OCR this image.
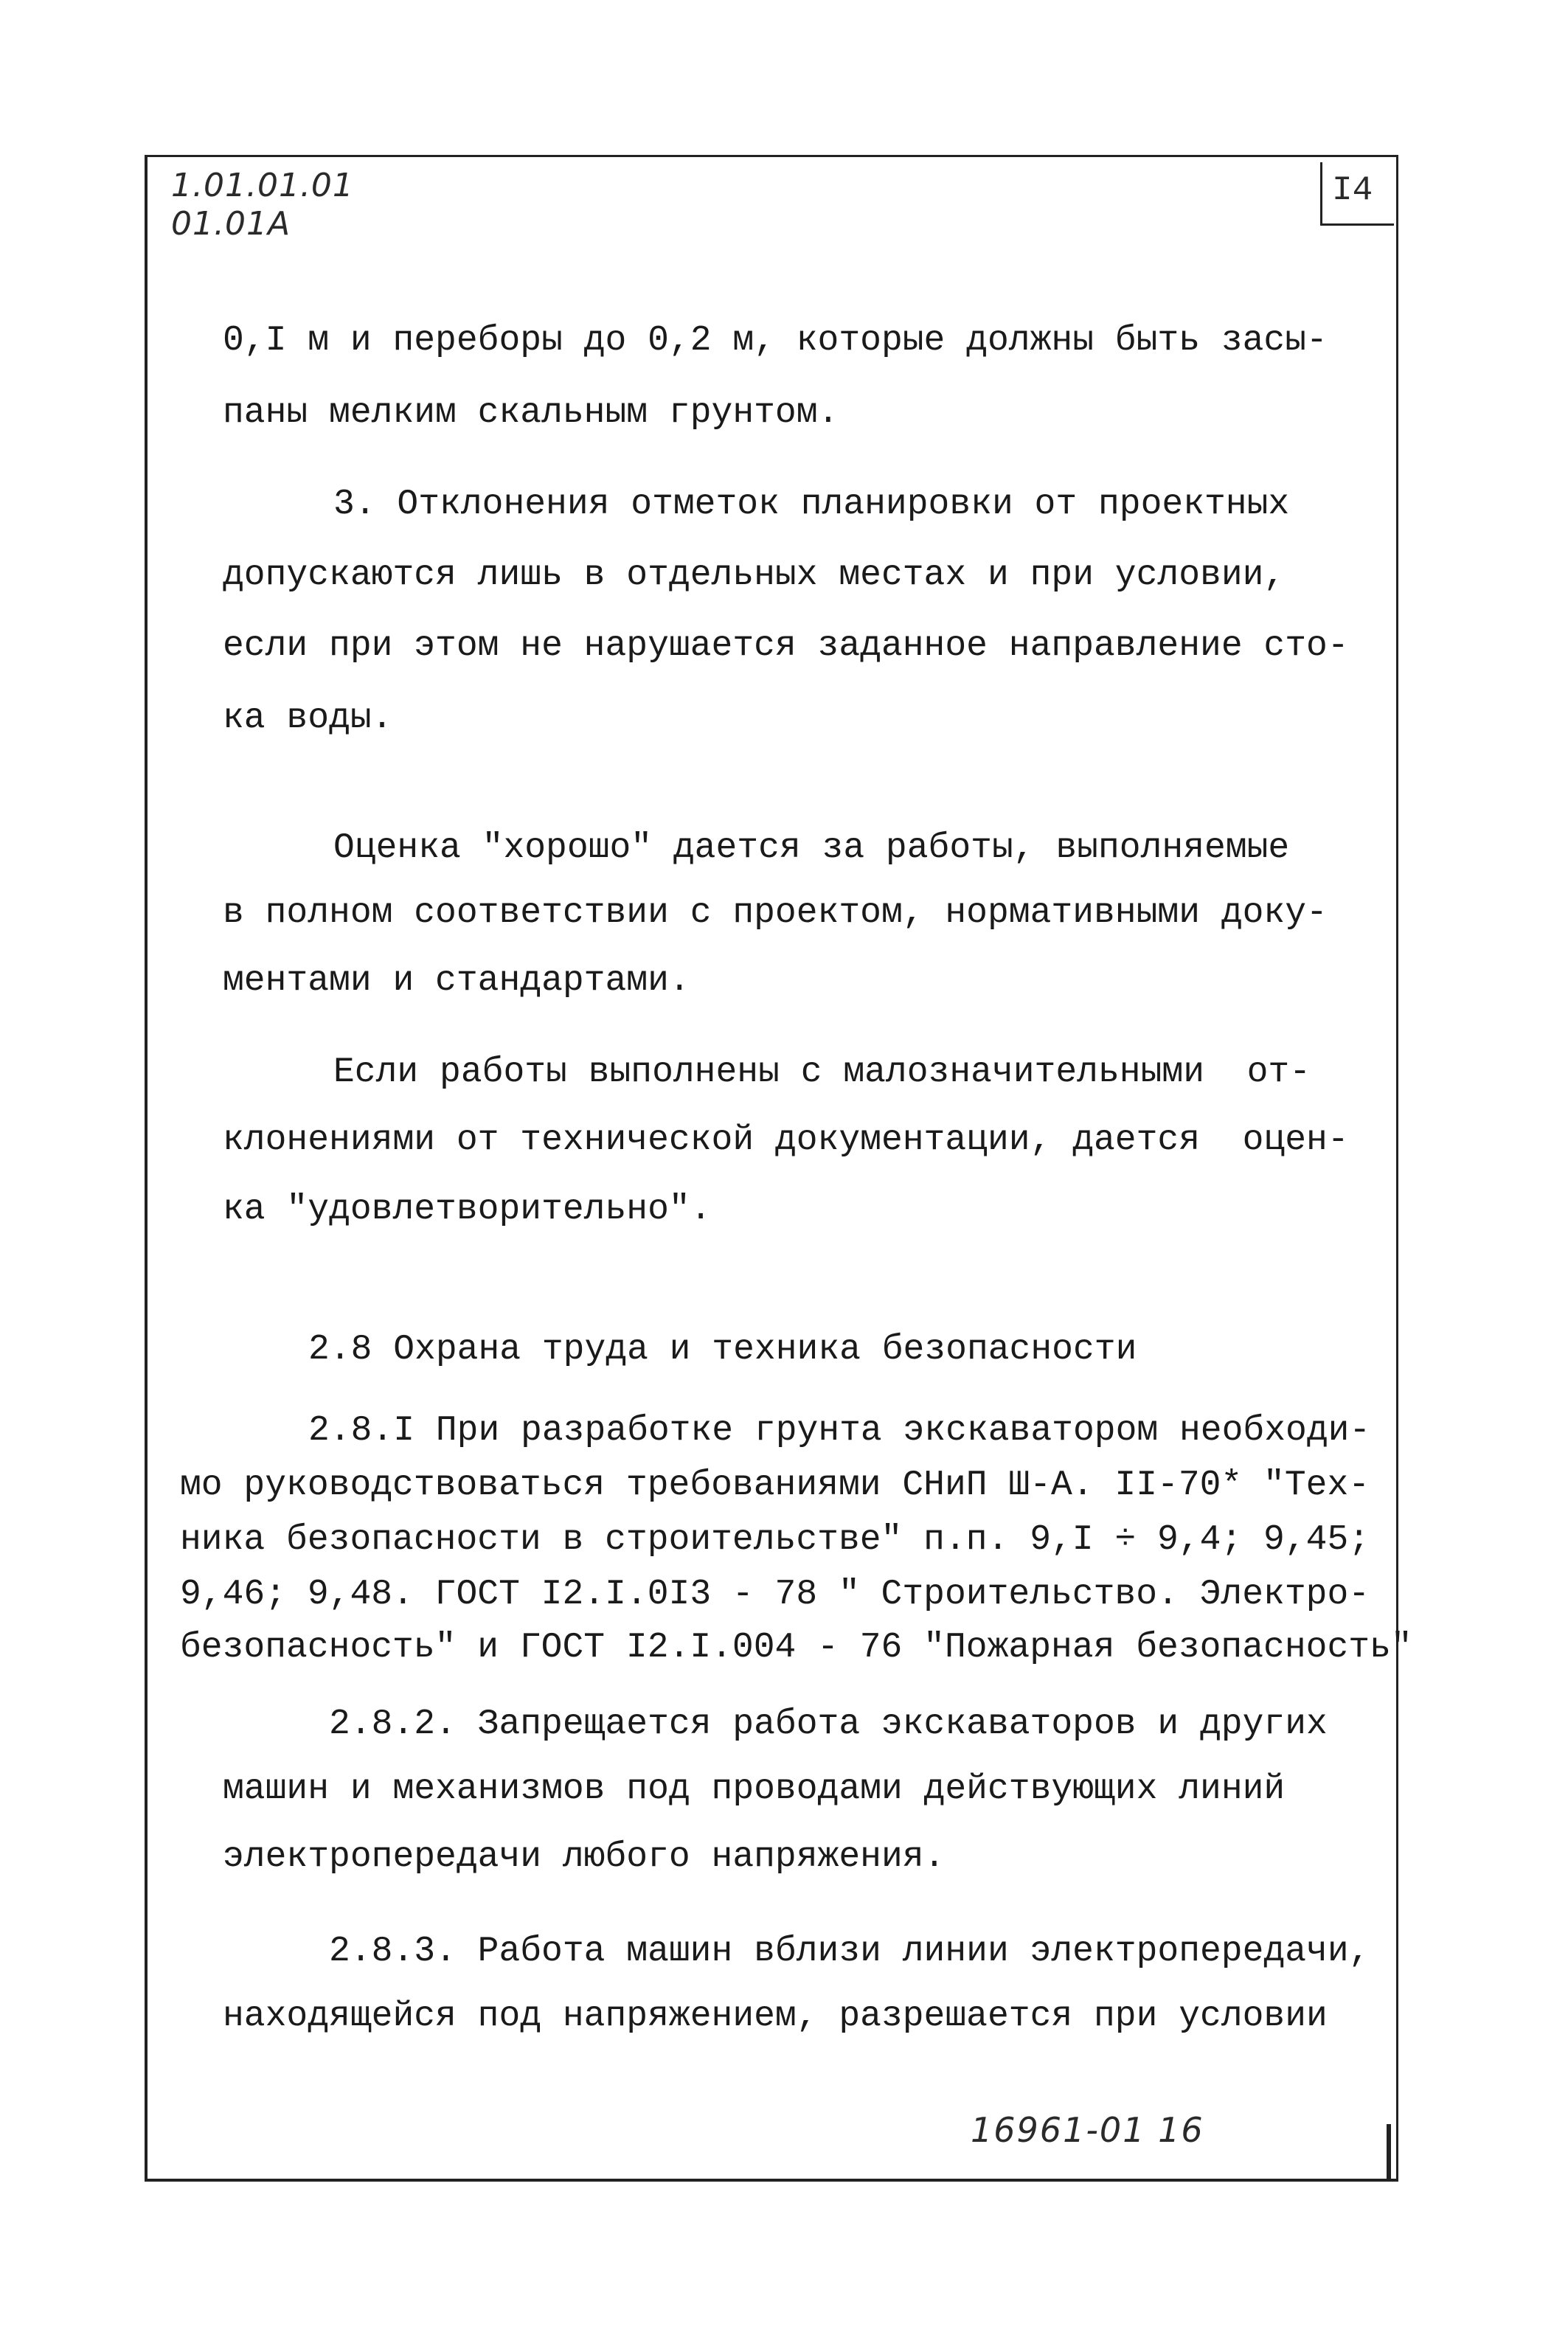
1.01.01.01
01.01A
I4
0,I м и переборы до 0,2 м, которые должны быть засы-
паны мелким скальным грунтом.
3. Отклонения отметок планировки от проектных
допускаются лишь в отдельных местах и при условии,
если при этом не нарушается заданное направление сто-
ка воды.
Оценка "хорошо" дается за работы, выполняемые
в полном соответствии с проектом, нормативными доку-
ментами и стандартами.
Если работы выполнены с малозначительными  от-
клонениями от технической документации, дается  оцен-
ка "удовлетворительно".
2.8 Охрана труда и техника безопасности
2.8.I При разработке грунта экскаватором необходи-
мо руководствоваться требованиями СНиП Ш-А. II-70* "Тех-
ника безопасности в строительстве" п.п. 9,I ÷ 9,4; 9,45;
9,46; 9,48. ГОСТ I2.I.0I3 - 78 " Строительство. Электро-
безопасность" и ГОСТ I2.I.004 - 76 "Пожарная безопасность"
2.8.2. Запрещается работа экскаваторов и других
машин и механизмов под проводами действующих линий
электропередачи любого напряжения.
2.8.3. Работа машин вблизи линии электропередачи,
находящейся под напряжением, разрешается при условии
16961-01 16
